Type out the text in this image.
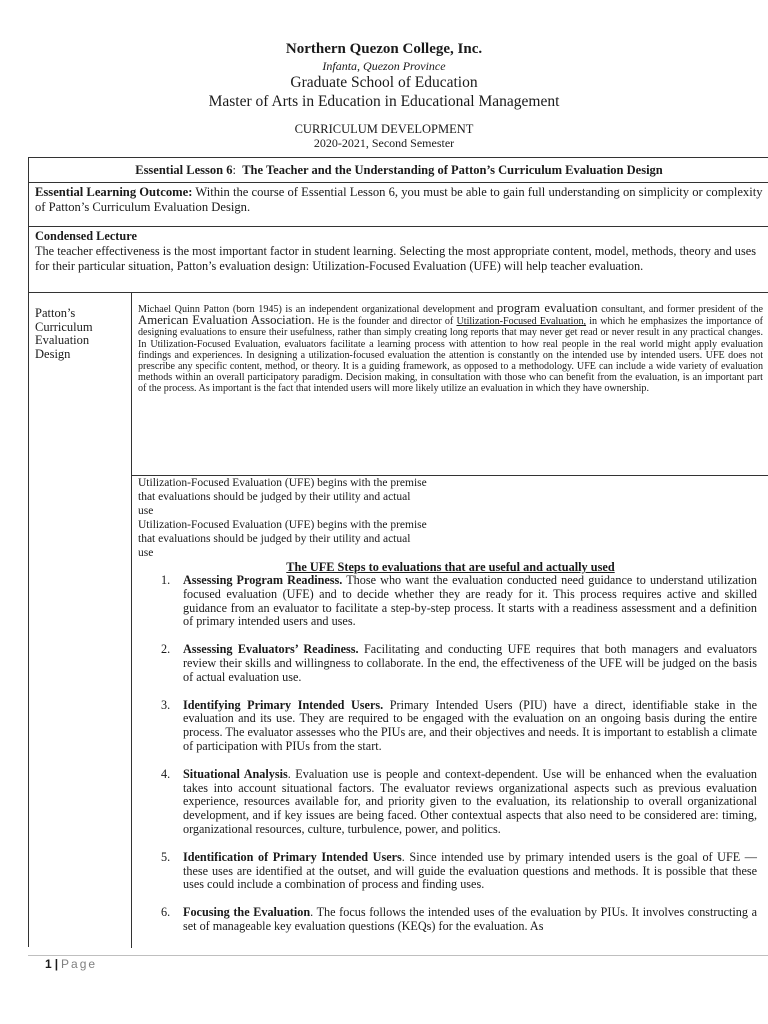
Northern Quezon College, Inc.
Infanta, Quezon Province
Graduate School of Education
Master of Arts in Education in Educational Management
CURRICULUM DEVELOPMENT
2020-2021, Second Semester
Essential Lesson 6:  The Teacher and the Understanding of Patton’s Curriculum Evaluation Design
Essential Learning Outcome: Within the course of Essential Lesson 6, you must be able to gain full understanding on simplicity or complexity of Patton’s Curriculum Evaluation Design.
Condensed Lecture
The teacher effectiveness is the most important factor in student learning. Selecting the most appropriate content, model, methods, theory and uses for their particular situation, Patton’s evaluation design: Utilization-Focused Evaluation (UFE) will help teacher evaluation.
Patton’s Curriculum Evaluation Design
Michael Quinn Patton (born 1945) is an independent organizational development and program evaluation consultant, and former president of the American Evaluation Association. He is the founder and director of Utilization-Focused Evaluation, in which he emphasizes the importance of designing evaluations to ensure their usefulness, rather than simply creating long reports that may never get read or never result in any practical changes. In Utilization-Focused Evaluation, evaluators facilitate a learning process with attention to how real people in the real world might apply evaluation findings and experiences. In designing a utilization-focused evaluation the attention is constantly on the intended use by intended users. UFE does not prescribe any specific content, method, or theory. It is a guiding framework, as opposed to a methodology. UFE can include a wide variety of evaluation methods within an overall participatory paradigm. Decision making, in consultation with those who can benefit from the evaluation, is an important part of the process. As important is the fact that intended users will more likely utilize an evaluation in which they have ownership.
Utilization-Focused Evaluation (UFE) begins with the premise that evaluations should be judged by their utility and actual use
Utilization-Focused Evaluation (UFE) begins with the premise that evaluations should be judged by their utility and actual use
The UFE Steps to evaluations that are useful and actually used
1. Assessing Program Readiness. Those who want the evaluation conducted need guidance to understand utilization focused evaluation (UFE) and to decide whether they are ready for it. This process requires active and skilled guidance from an evaluator to facilitate a step-by-step process. It starts with a readiness assessment and a definition of primary intended users and uses.
2. Assessing Evaluators’ Readiness. Facilitating and conducting UFE requires that both managers and evaluators review their skills and willingness to collaborate. In the end, the effectiveness of the UFE will be judged on the basis of actual evaluation use.
3. Identifying Primary Intended Users. Primary Intended Users (PIU) have a direct, identifiable stake in the evaluation and its use. They are required to be engaged with the evaluation on an ongoing basis during the entire process. The evaluator assesses who the PIUs are, and their objectives and needs. It is important to establish a climate of participation with PIUs from the start.
4. Situational Analysis. Evaluation use is people and context-dependent. Use will be enhanced when the evaluation takes into account situational factors. The evaluator reviews organizational aspects such as previous evaluation experience, resources available for, and priority given to the evaluation, its relationship to overall organizational development, and if key issues are being faced. Other contextual aspects that also need to be considered are: timing, organizational resources, culture, turbulence, power, and politics.
5. Identification of Primary Intended Users. Since intended use by primary intended users is the goal of UFE — these uses are identified at the outset, and will guide the evaluation questions and methods. It is possible that these uses could include a combination of process and finding uses.
6. Focusing the Evaluation. The focus follows the intended uses of the evaluation by PIUs. It involves constructing a set of manageable key evaluation questions (KEQs) for the evaluation. As
1 | Page
